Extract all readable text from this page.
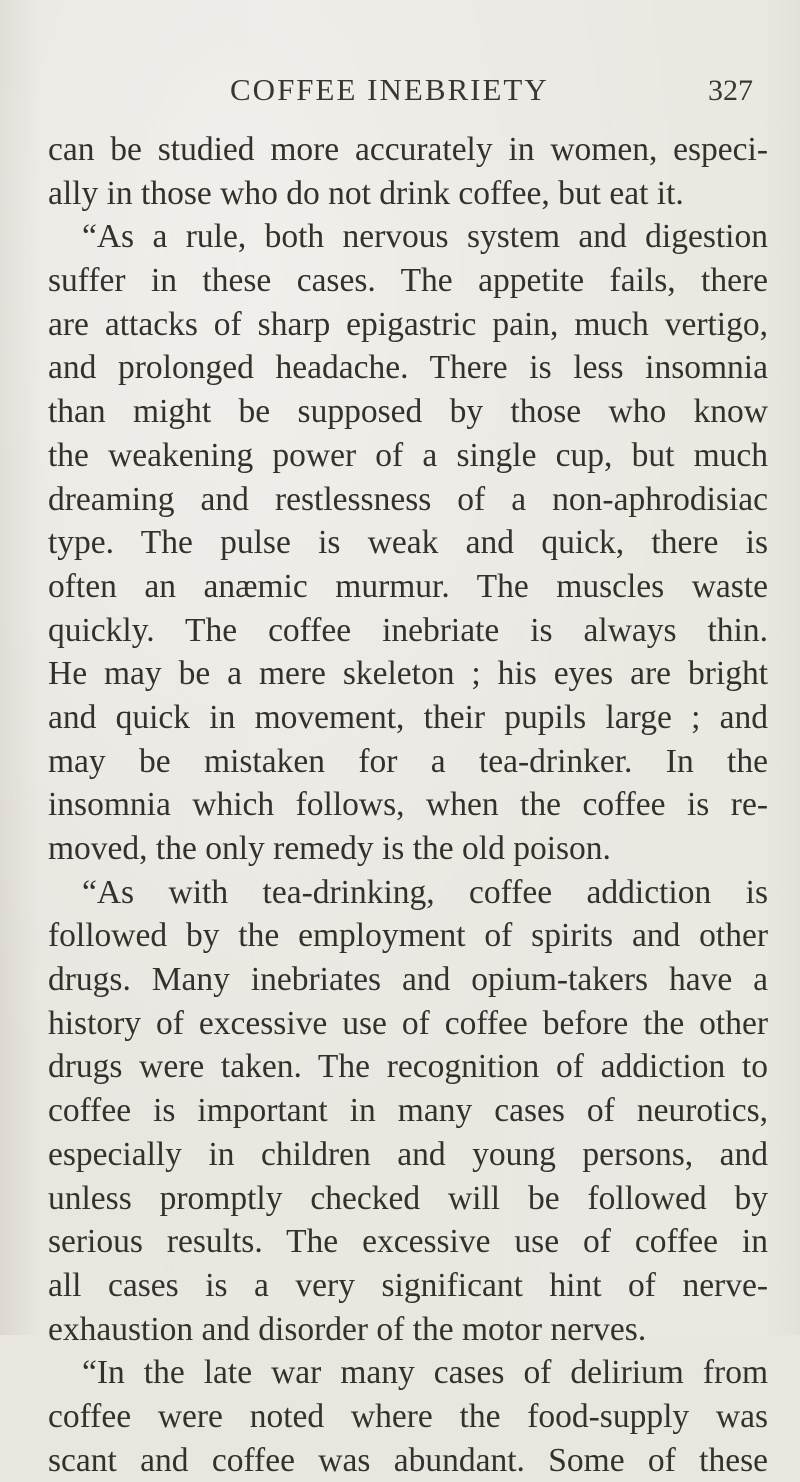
COFFEE INEBRIETY	327
can be studied more accurately in women, especi-
ally in those who do not drink coffee, but eat it.
“As a rule, both nervous system and digestion
suffer in these cases. The appetite fails, there
are attacks of sharp epigastric pain, much vertigo,
and prolonged headache. There is less insomnia
than might be supposed by those who know
the weakening power of a single cup, but much
dreaming and restlessness of a non-aphrodisiac
type. The pulse is weak and quick, there is
often an anæmic murmur. The muscles waste
quickly. The coffee inebriate is always thin.
He may be a mere skeleton ; his eyes are bright
and quick in movement, their pupils large ; and
may be mistaken for a tea-drinker. In the
insomnia which follows, when the coffee is re-
moved, the only remedy is the old poison.
“As with tea-drinking, coffee addiction is
followed by the employment of spirits and other
drugs. Many inebriates and opium-takers have a
history of excessive use of coffee before the other
drugs were taken. The recognition of addiction to
coffee is important in many cases of neurotics,
especially in children and young persons, and
unless promptly checked will be followed by
serious results. The excessive use of coffee in
all cases is a very significant hint of nerve-
exhaustion and disorder of the motor nerves.
“In the late war many cases of delirium from
coffee were noted where the food-supply was
scant and coffee was abundant. Some of these
